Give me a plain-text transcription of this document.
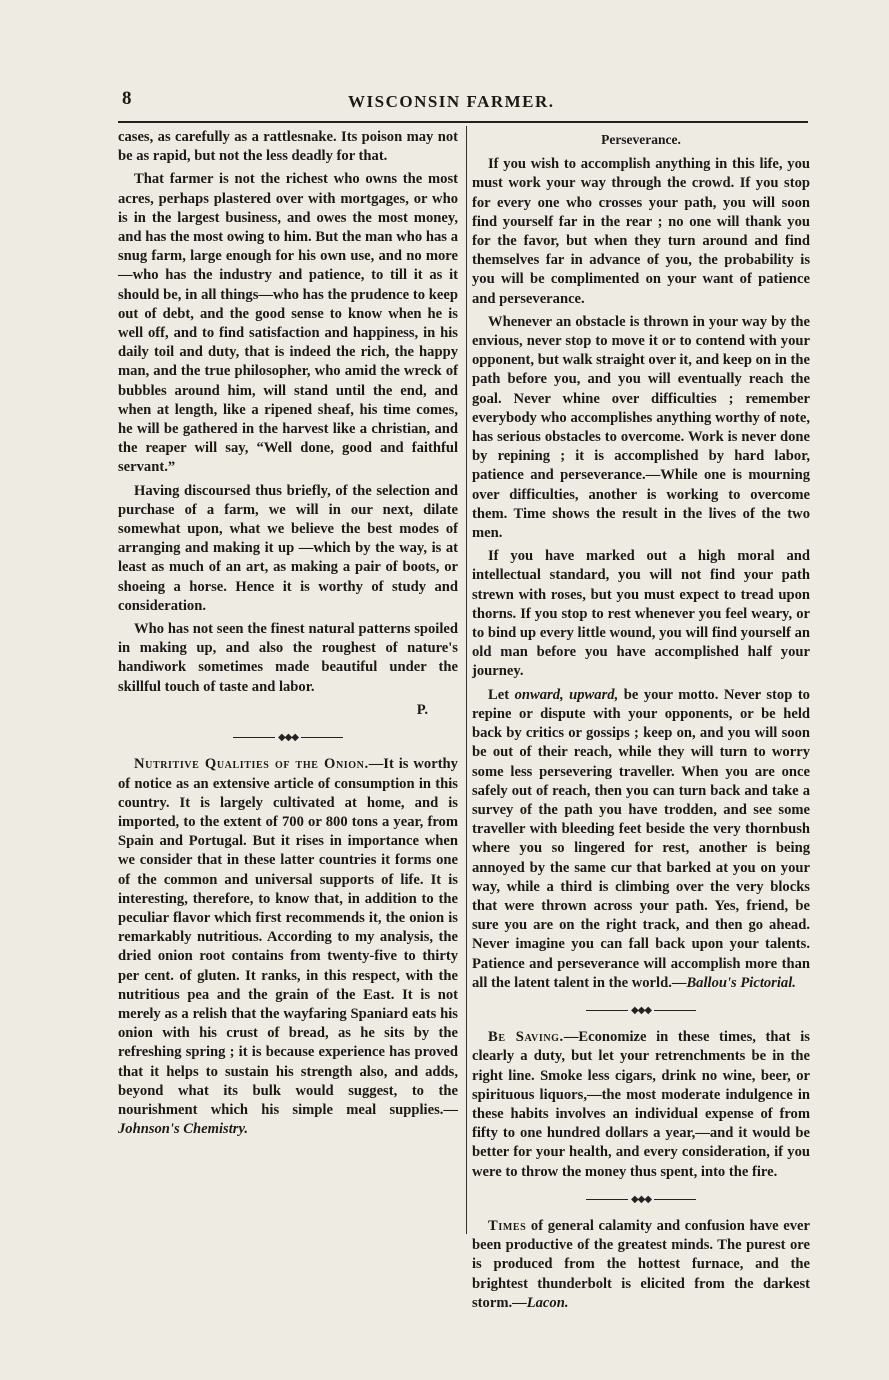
8	WISCONSIN FARMER.

cases, as carefully as a rattlesnake. Its poison may not be as rapid, but not the less deadly for that.

That farmer is not the richest who owns the most acres, perhaps plastered over with mortgages, or who is in the largest business, and owes the most money, and has the most owing to him. But the man who has a snug farm, large enough for his own use, and no more—who has the industry and patience, to till it as it should be, in all things—who has the prudence to keep out of debt, and the good sense to know when he is well off, and to find satisfaction and happiness, in his daily toil and duty, that is indeed the rich, the happy man, and the true philosopher, who amid the wreck of bubbles around him, will stand until the end, and when at length, like a ripened sheaf, his time comes, he will be gathered in the harvest like a christian, and the reaper will say, “Well done, good and faithful servant.”

Having discoursed thus briefly, of the selection and purchase of a farm, we will in our next, dilate somewhat upon, what we believe the best modes of arranging and making it up —which by the way, is at least as much of an art, as making a pair of boots, or shoeing a horse. Hence it is worthy of study and consideration.

Who has not seen the finest natural patterns spoiled in making up, and also the roughest of nature's handiwork sometimes made beautiful under the skillful touch of taste and labor.

P.
◆◆◆

Nutritive Qualities of the Onion.—It is worthy of notice as an extensive article of consumption in this country. It is largely cultivated at home, and is imported, to the extent of 700 or 800 tons a year, from Spain and Portugal. But it rises in importance when we consider that in these latter countries it forms one of the common and universal supports of life. It is interesting, therefore, to know that, in addition to the peculiar flavor which first recommends it, the onion is remarkably nutritious. According to my analysis, the dried onion root contains from twenty-five to thirty per cent. of gluten. It ranks, in this respect, with the nutritious pea and the grain of the East. It is not merely as a relish that the wayfaring Spaniard eats his onion with his crust of bread, as he sits by the refreshing spring ; it is because experience has proved that it helps to sustain his strength also, and adds, beyond what its bulk would suggest, to the nourishment which his simple meal supplies.—Johnson's Chemistry.

Perseverance.

If you wish to accomplish anything in this life, you must work your way through the crowd. If you stop for every one who crosses your path, you will soon find yourself far in the rear ; no one will thank you for the favor, but when they turn around and find themselves far in advance of you, the probability is you will be complimented on your want of patience and perseverance.

Whenever an obstacle is thrown in your way by the envious, never stop to move it or to contend with your opponent, but walk straight over it, and keep on in the path before you, and you will eventually reach the goal. Never whine over difficulties ; remember everybody who accomplishes anything worthy of note, has serious obstacles to overcome. Work is never done by repining ; it is accomplished by hard labor, patience and perseverance.—While one is mourning over difficulties, another is working to overcome them. Time shows the result in the lives of the two men.

If you have marked out a high moral and intellectual standard, you will not find your path strewn with roses, but you must expect to tread upon thorns. If you stop to rest whenever you feel weary, or to bind up every little wound, you will find yourself an old man before you have accomplished half your journey.

Let onward, upward, be your motto. Never stop to repine or dispute with your opponents, or be held back by critics or gossips ; keep on, and you will soon be out of their reach, while they will turn to worry some less persevering traveller. When you are once safely out of reach, then you can turn back and take a survey of the path you have trodden, and see some traveller with bleeding feet beside the very thornbush where you so lingered for rest, another is being annoyed by the same cur that barked at you on your way, while a third is climbing over the very blocks that were thrown across your path. Yes, friend, be sure you are on the right track, and then go ahead. Never imagine you can fall back upon your talents. Patience and perseverance will accomplish more than all the latent talent in the world.—Ballou's Pictorial.

◆◆◆

Be Saving.—Economize in these times, that is clearly a duty, but let your retrenchments be in the right line. Smoke less cigars, drink no wine, beer, or spirituous liquors,—the most moderate indulgence in these habits involves an individual expense of from fifty to one hundred dollars a year,—and it would be better for your health, and every consideration, if you were to throw the money thus spent, into the fire.

◆◆◆

Times of general calamity and confusion have ever been productive of the greatest minds. The purest ore is produced from the hottest furnace, and the brightest thunderbolt is elicited from the darkest storm.—Lacon.
